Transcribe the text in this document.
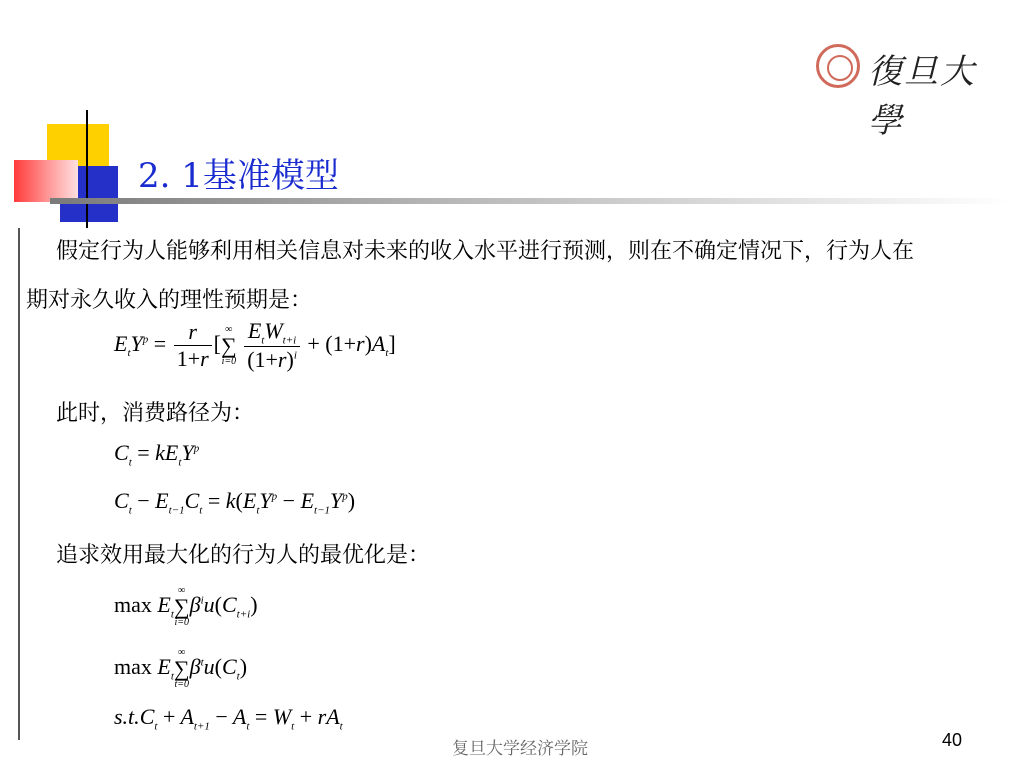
復旦大學
2. 1基准模型
假定行为人能够利用相关信息对未来的收入水平进行预测，则在不确定情况下，行为人在
期对永久收入的理性预期是：
$E_tY^p = \frac{r}{1+r}$ [
∞
∑
i=0
$\frac{E_tW_{t+i}}{(1+r)^i} + (1+r)A_t$]
此时，消费路径为：
$C_t = kE_tY^p$
$C_t - E_{t-1}C_t = k(E_tY^p - E_{t-1}Y^p)$
追求效用最大化的行为人的最优化是：
$\max E_t$
∞
∑
i=0
$\beta^iu(C_{t+i})$
$\max E_t$
∞
∑
t=0
$\beta^tu(C_t)$
$s.t.C_t + A_{t+1} - A_t = W_t + rA_t$
复旦大学经济学院	40
